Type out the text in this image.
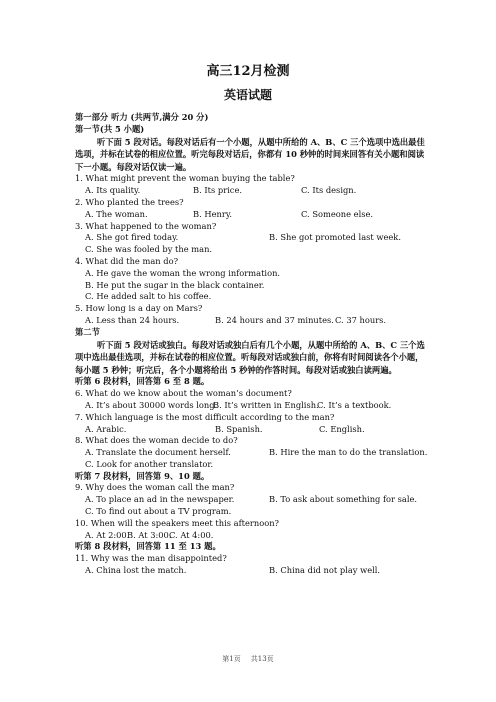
高三12月检测
英语试题
第一部分 听力 (共两节,满分 20 分)
第一节(共 5 小题)
听下面 5 段对话。每段对话后有一个小题，从题中所给的 A、B、C 三个选项中选出最佳选项，并标在试卷的相应位置。听完每段对话后，你都有 10 秒钟的时间来回答有关小题和阅读下一小题。每段对话仅读一遍。
1. What might prevent the woman buying the table?
A. Its quality.	B. Its price.	C. Its design.
2. Who planted the trees?
A. The woman.	B. Henry.	C. Someone else.
3. What happened to the woman?
A. She got fired today.	B. She got promoted last week.
C. She was fooled by the man.
4. What did the man do?
A. He gave the woman the wrong information.
B. He put the sugar in the black container.
C. He added salt to his coffee.
5. How long is a day on Mars?
A. Less than 24 hours.	B. 24 hours and 37 minutes.C. 37 hours.
第二节
听下面 5 段对话或独白。每段对话或独白后有几个小题，从题中所给的 A、B、C 三个选项中选出最佳选项，并标在试卷的相应位置。听每段对话或独白前，你将有时间阅读各个小题，每小题 5 秒钟；听完后，各个小题将给出 5 秒钟的作答时间。每段对话或独白读两遍。
听第 6 段材料，回答第 6 至 8 题。
6. What do we know about the woman’s document?
A. It’s about 30000 words long.B. It’s written in English.C. It’s a textbook.
7. Which language is the most difficult according to the man?
A. Arabic.	B. Spanish.	C. English.
8. What does the woman decide to do?
A. Translate the document herself.	B. Hire the man to do the translation.
C. Look for another translator.
听第 7 段材料，回答第 9、10 题。
9. Why does the woman call the man?
A. To place an ad in the newspaper.	B. To ask about something for sale.
C. To find out about a TV program.
10. When will the speakers meet this afternoon?
A. At 2:00.B. At 3:00.C. At 4:00.
听第 8 段材料，回答第 11 至 13 题。
11. Why was the man disappointed?
A. China lost the match.	B. China did not play well.
第1页 共13页
